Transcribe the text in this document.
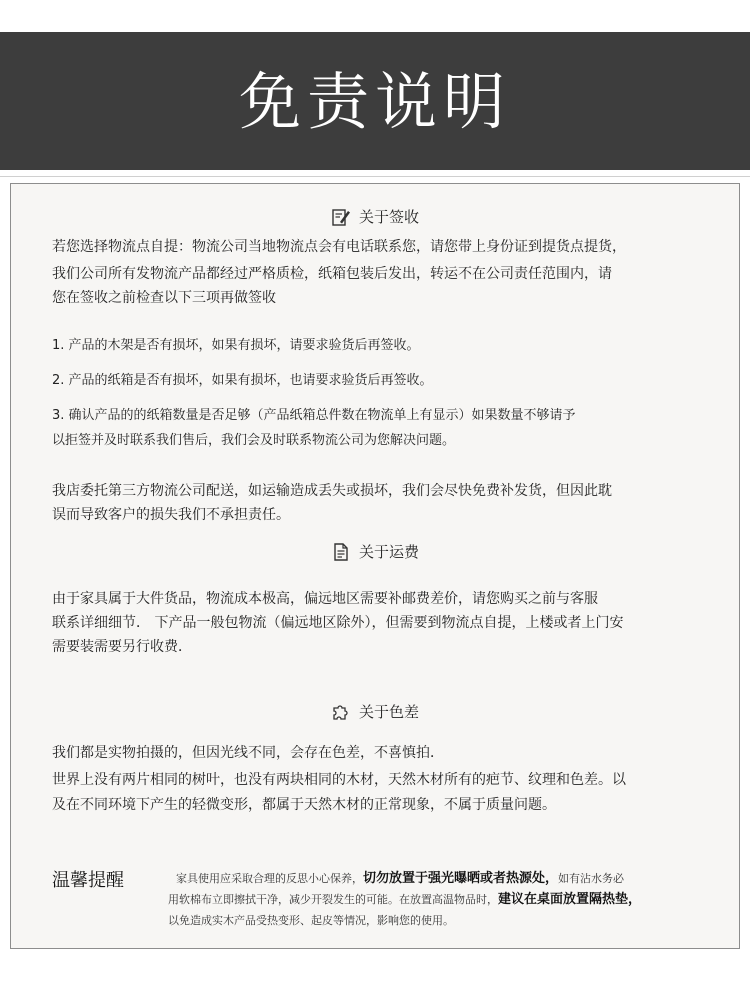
免责说明
关于签收
若您选择物流点自提：物流公司当地物流点会有电话联系您，请您带上身份证到提货点提货，
我们公司所有发物流产品都经过严格质检，纸箱包装后发出，转运不在公司责任范围内，请
您在签收之前检查以下三项再做签收
1. 产品的木架是否有损坏，如果有损坏，请要求验货后再签收。
2. 产品的纸箱是否有损坏，如果有损坏，也请要求验货后再签收。
3. 确认产品的的纸箱数量是否足够（产品纸箱总件数在物流单上有显示）如果数量不够请予
以拒签并及时联系我们售后，我们会及时联系物流公司为您解决问题。
我店委托第三方物流公司配送，如运输造成丢失或损坏，我们会尽快免费补发货，但因此耽
误而导致客户的损失我们不承担责任。
关于运费
由于家具属于大件货品，物流成本极高，偏远地区需要补邮费差价，请您购买之前与客服
联系详细细节． 下产品一般包物流（偏远地区除外），但需要到物流点自提，上楼或者上门安
需要装需要另行收费．
关于色差
我们都是实物拍摄的，但因光线不同，会存在色差，不喜慎拍．
世界上没有两片相同的树叶，也没有两块相同的木材，天然木材所有的疤节、纹理和色差。以
及在不同环境下产生的轻微变形，都属于天然木材的正常现象，不属于质量问题。
温馨提醒	家具使用应采取合理的反思小心保养，切勿放置于强光曝晒或者热源处，如有沾水务必
用软棉布立即擦拭干净，减少开裂发生的可能。在放置高温物品时，建议在桌面放置隔热垫，
以免造成实木产品受热变形、起皮等情况，影响您的使用。
